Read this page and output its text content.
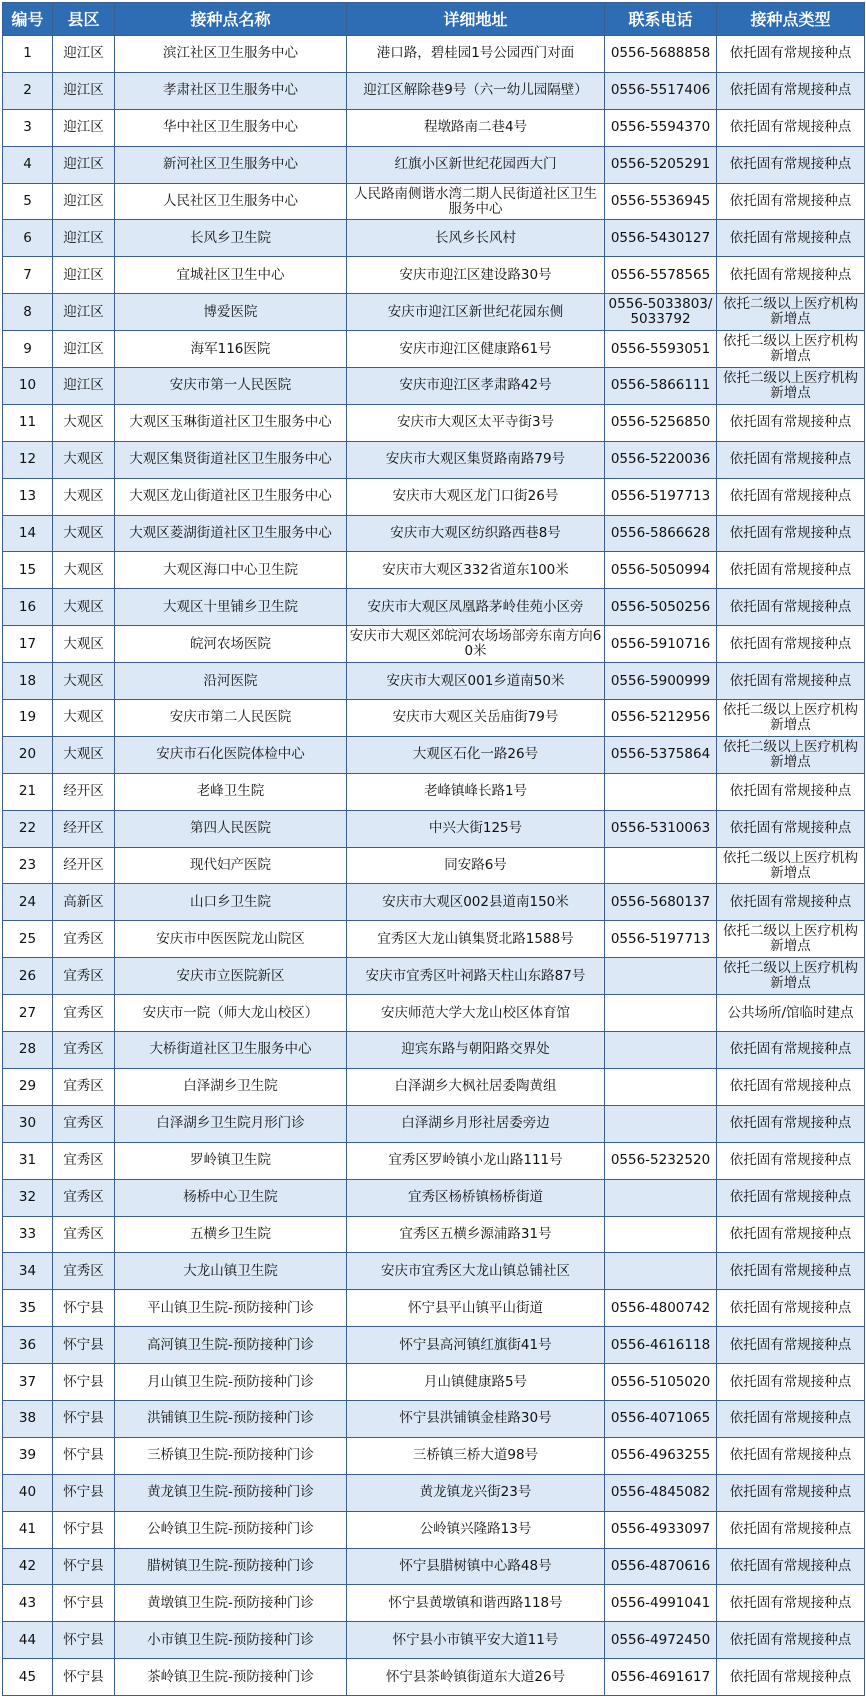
编号	县区	接种点名称	详细地址	联系电话	接种点类型
1	迎江区	滨江社区卫生服务中心	港口路，碧桂园1号公园西门对面	0556-5688858	依托固有常规接种点
2	迎江区	孝肃社区卫生服务中心	迎江区解除巷9号（六一幼儿园隔壁）	0556-5517406	依托固有常规接种点
3	迎江区	华中社区卫生服务中心	程墩路南二巷4号	0556-5594370	依托固有常规接种点
4	迎江区	新河社区卫生服务中心	红旗小区新世纪花园西大门	0556-5205291	依托固有常规接种点
5	迎江区	人民社区卫生服务中心	人民路南侧谐水湾二期人民街道社区卫生服务中心	0556-5536945	依托固有常规接种点
6	迎江区	长风乡卫生院	长风乡长风村	0556-5430127	依托固有常规接种点
7	迎江区	宜城社区卫生中心	安庆市迎江区建设路30号	0556-5578565	依托固有常规接种点
8	迎江区	博爱医院	安庆市迎江区新世纪花园东侧	0556-5033803/5033792	依托二级以上医疗机构新增点
9	迎江区	海军116医院	安庆市迎江区健康路61号	0556-5593051	依托二级以上医疗机构新增点
10	迎江区	安庆市第一人民医院	安庆市迎江区孝肃路42号	0556-5866111	依托二级以上医疗机构新增点
11	大观区	大观区玉琳街道社区卫生服务中心	安庆市大观区太平寺街3号	0556-5256850	依托固有常规接种点
12	大观区	大观区集贤街道社区卫生服务中心	安庆市大观区集贤路南路79号	0556-5220036	依托固有常规接种点
13	大观区	大观区龙山街道社区卫生服务中心	安庆市大观区龙门口街26号	0556-5197713	依托固有常规接种点
14	大观区	大观区菱湖街道社区卫生服务中心	安庆市大观区纺织路西巷8号	0556-5866628	依托固有常规接种点
15	大观区	大观区海口中心卫生院	安庆市大观区332省道东100米	0556-5050994	依托固有常规接种点
16	大观区	大观区十里铺乡卫生院	安庆市大观区凤凰路茅岭佳苑小区旁	0556-5050256	依托固有常规接种点
17	大观区	皖河农场医院	安庆市大观区郊皖河农场场部旁东南方向60米	0556-5910716	依托固有常规接种点
18	大观区	沿河医院	安庆市大观区001乡道南50米	0556-5900999	依托固有常规接种点
19	大观区	安庆市第二人民医院	安庆市大观区关岳庙街79号	0556-5212956	依托二级以上医疗机构新增点
20	大观区	安庆市石化医院体检中心	大观区石化一路26号	0556-5375864	依托二级以上医疗机构新增点
21	经开区	老峰卫生院	老峰镇峰长路1号		依托固有常规接种点
22	经开区	第四人民医院	中兴大街125号	0556-5310063	依托固有常规接种点
23	经开区	现代妇产医院	同安路6号		依托二级以上医疗机构新增点
24	高新区	山口乡卫生院	安庆市大观区002县道南150米	0556-5680137	依托固有常规接种点
25	宜秀区	安庆市中医医院龙山院区	宜秀区大龙山镇集贤北路1588号	0556-5197713	依托二级以上医疗机构新增点
26	宜秀区	安庆市立医院新区	安庆市宜秀区叶祠路天柱山东路87号		依托二级以上医疗机构新增点
27	宜秀区	安庆市一院（师大龙山校区）	安庆师范大学大龙山校区体育馆		公共场所/馆临时建点
28	宜秀区	大桥街道社区卫生服务中心	迎宾东路与朝阳路交界处		依托固有常规接种点
29	宜秀区	白泽湖乡卫生院	白泽湖乡大枫社居委陶黄组		依托固有常规接种点
30	宜秀区	白泽湖乡卫生院月形门诊	白泽湖乡月形社居委旁边		依托固有常规接种点
31	宜秀区	罗岭镇卫生院	宜秀区罗岭镇小龙山路111号	0556-5232520	依托固有常规接种点
32	宜秀区	杨桥中心卫生院	宜秀区杨桥镇杨桥街道		依托固有常规接种点
33	宜秀区	五横乡卫生院	宜秀区五横乡源浦路31号		依托固有常规接种点
34	宜秀区	大龙山镇卫生院	安庆市宜秀区大龙山镇总铺社区		依托固有常规接种点
35	怀宁县	平山镇卫生院-预防接种门诊	怀宁县平山镇平山街道	0556-4800742	依托固有常规接种点
36	怀宁县	高河镇卫生院-预防接种门诊	怀宁县高河镇红旗街41号	0556-4616118	依托固有常规接种点
37	怀宁县	月山镇卫生院-预防接种门诊	月山镇健康路5号	0556-5105020	依托固有常规接种点
38	怀宁县	洪铺镇卫生院-预防接种门诊	怀宁县洪铺镇金桂路30号	0556-4071065	依托固有常规接种点
39	怀宁县	三桥镇卫生院-预防接种门诊	三桥镇三桥大道98号	0556-4963255	依托固有常规接种点
40	怀宁县	黄龙镇卫生院-预防接种门诊	黄龙镇龙兴街23号	0556-4845082	依托固有常规接种点
41	怀宁县	公岭镇卫生院-预防接种门诊	公岭镇兴隆路13号	0556-4933097	依托固有常规接种点
42	怀宁县	腊树镇卫生院-预防接种门诊	怀宁县腊树镇中心路48号	0556-4870616	依托固有常规接种点
43	怀宁县	黄墩镇卫生院-预防接种门诊	怀宁县黄墩镇和谐西路118号	0556-4991041	依托固有常规接种点
44	怀宁县	小市镇卫生院-预防接种门诊	怀宁县小市镇平安大道11号	0556-4972450	依托固有常规接种点
45	怀宁县	茶岭镇卫生院-预防接种门诊	怀宁县茶岭镇街道东大道26号	0556-4691617	依托固有常规接种点
